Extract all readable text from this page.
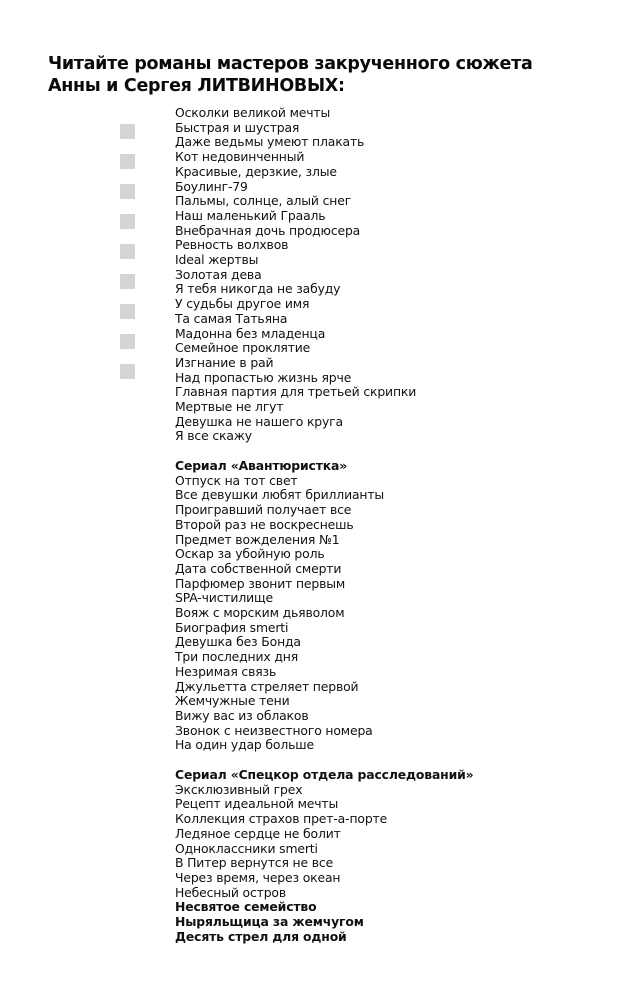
Читайте романы мастеров закрученного сюжета
Анны и Сергея ЛИТВИНОВЫХ:
Осколки великой мечты
Быстрая и шустрая
Даже ведьмы умеют плакать
Кот недовинченный
Красивые, дерзкие, злые
Боулинг-79
Пальмы, солнце, алый снег
Наш маленький Грааль
Внебрачная дочь продюсера
Ревность волхвов
Ideal жертвы
Золотая дева
Я тебя никогда не забуду
У судьбы другое имя
Та самая Татьяна
Мадонна без младенца
Семейное проклятие
Изгнание в рай
Над пропастью жизнь ярче
Главная партия для третьей скрипки
Мертвые не лгут
Девушка не нашего круга
Я все скажу
Сериал «Авантюристка»
Отпуск на тот свет
Все девушки любят бриллианты
Проигравший получает все
Второй раз не воскреснешь
Предмет вожделения №1
Оскар за убойную роль
Дата собственной смерти
Парфюмер звонит первым
SPA-чистилище
Вояж с морским дьяволом
Биография smerti
Девушка без Бонда
Три последних дня
Незримая связь
Джульетта стреляет первой
Жемчужные тени
Вижу вас из облаков
Звонок с неизвестного номера
На один удар больше
Сериал «Спецкор отдела расследований»
Эксклюзивный грех
Рецепт идеальной мечты
Коллекция страхов прет-а-порте
Ледяное сердце не болит
Одноклассники smerti
В Питер вернутся не все
Через время, через океан
Небесный остров
Несвятое семейство
Ныряльщица за жемчугом
Десять стрел для одной
